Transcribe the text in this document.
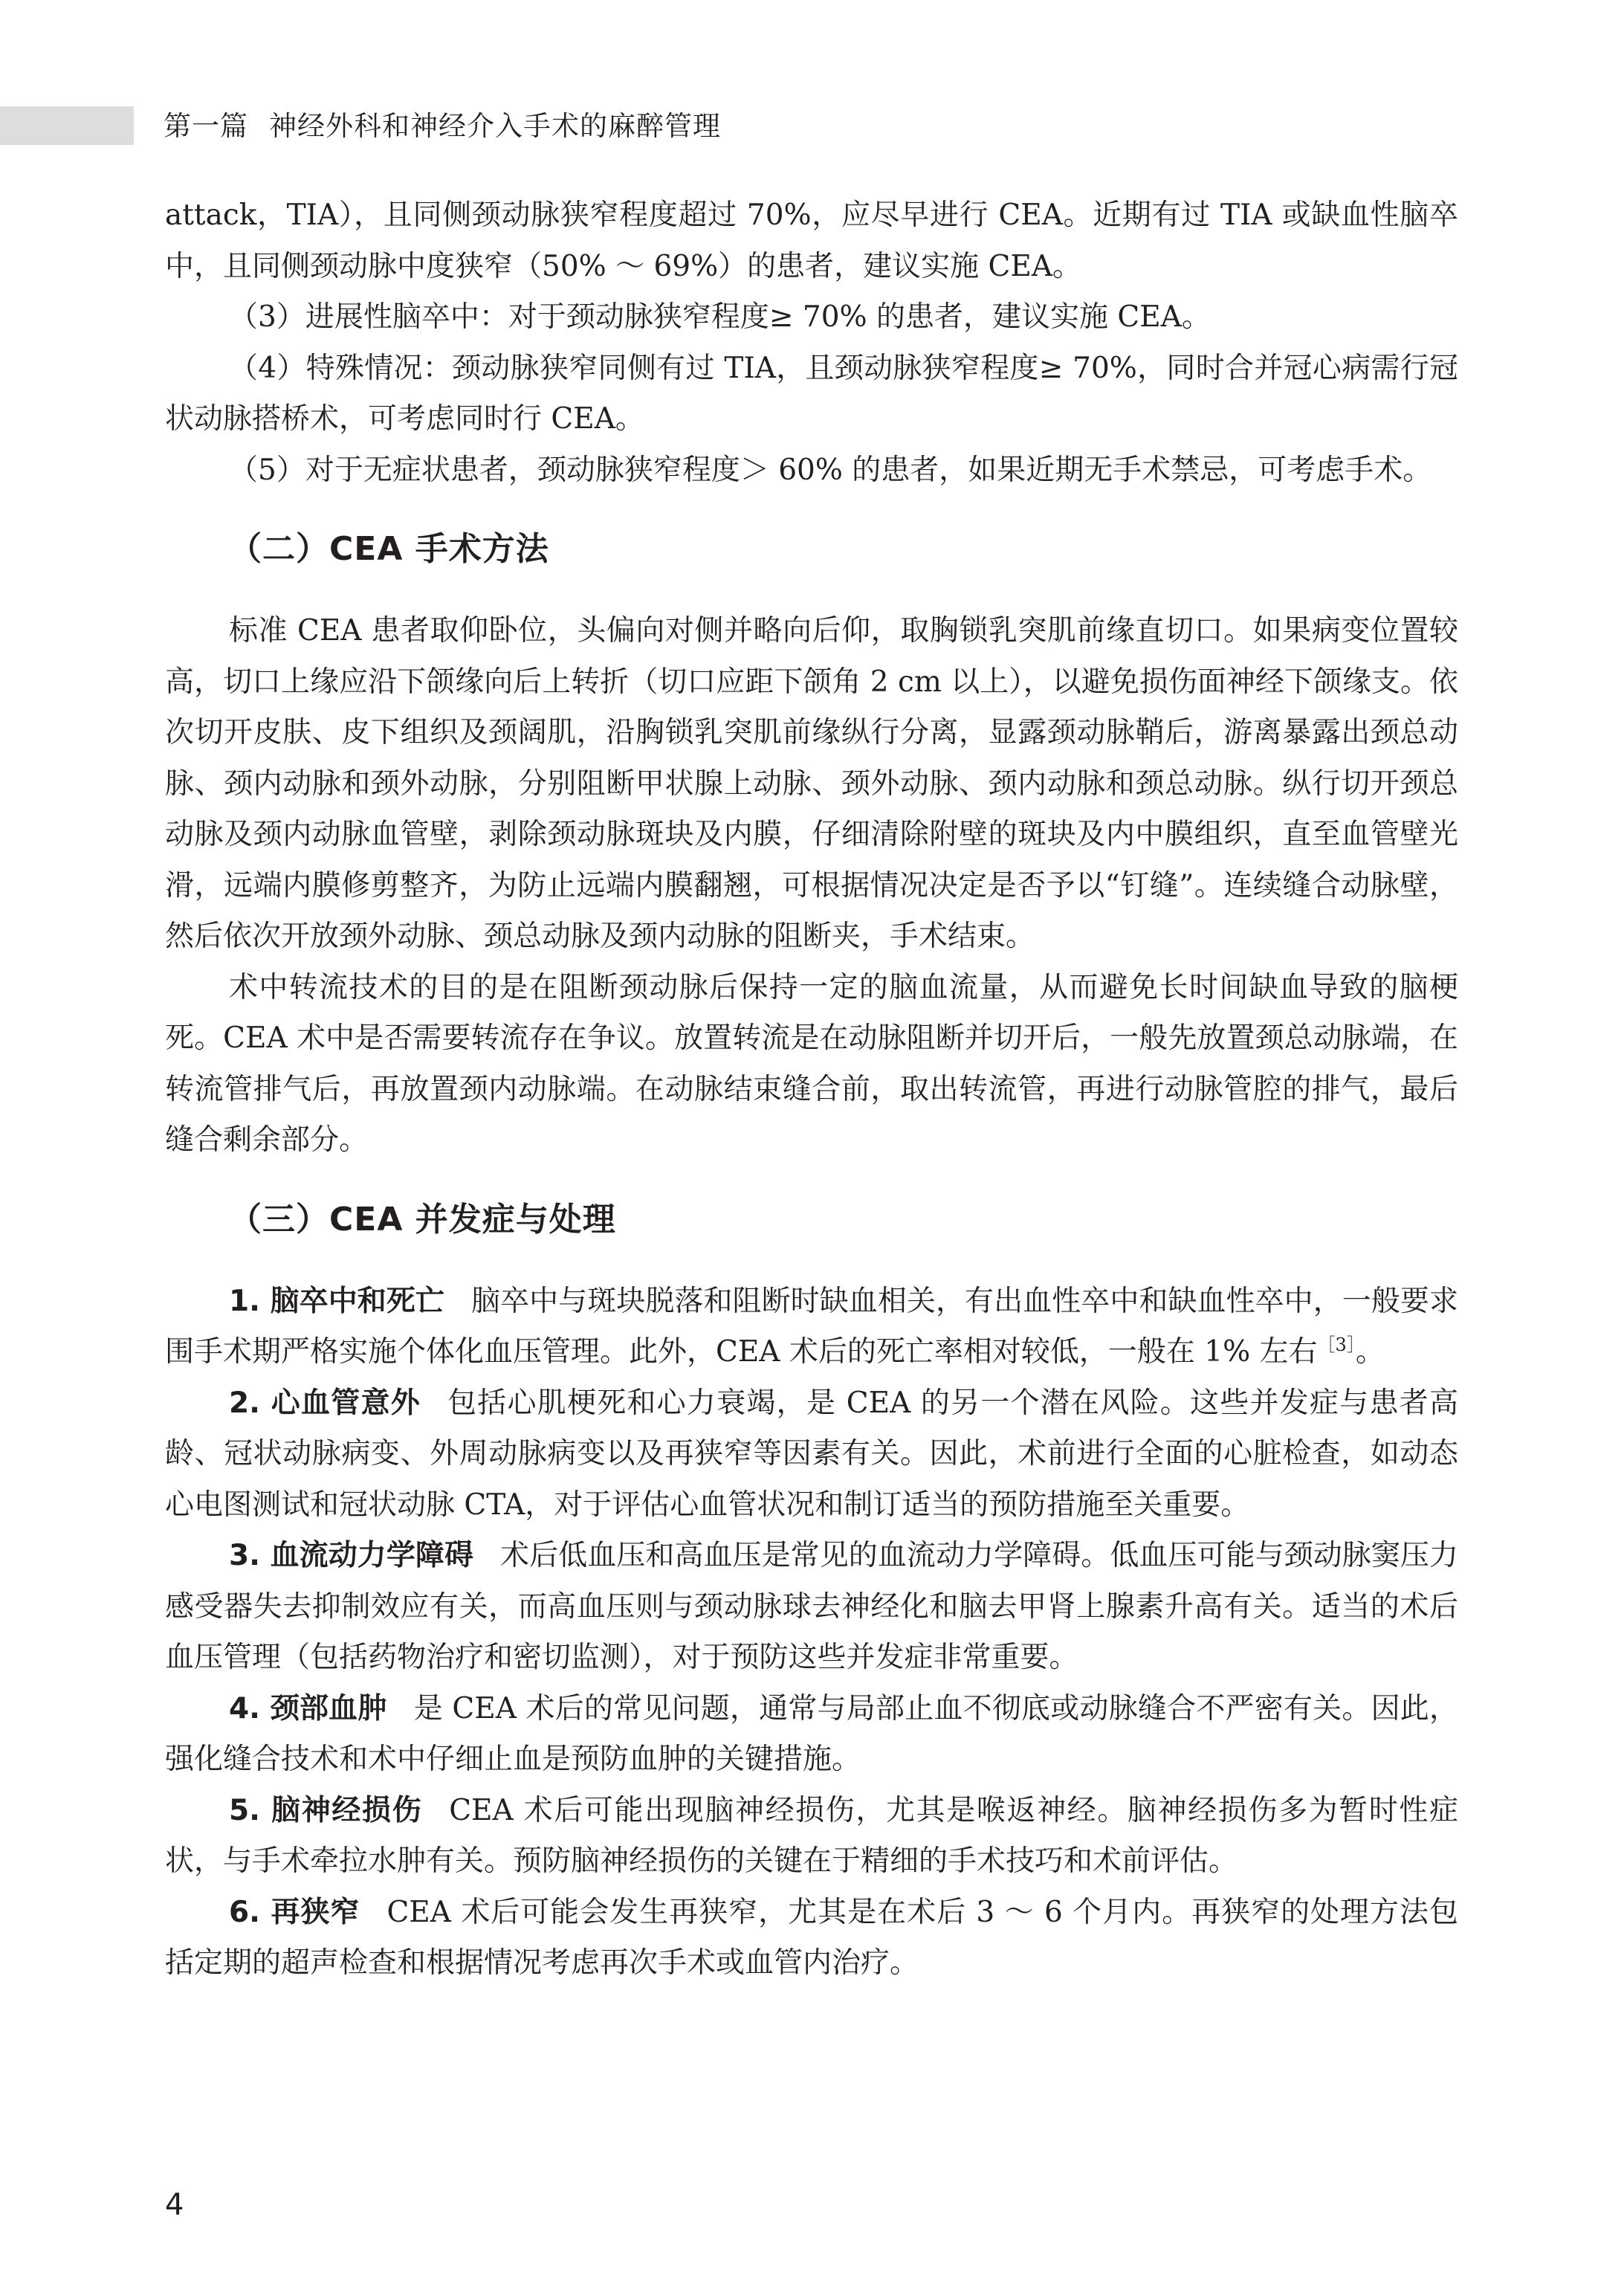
第一篇 神经外科和神经介入手术的麻醉管理

attack，TIA），且同侧颈动脉狭窄程度超过 70%，应尽早进行 CEA。近期有过 TIA 或缺血性脑卒中，且同侧颈动脉中度狭窄（50% ～ 69%）的患者，建议实施 CEA。

（3）进展性脑卒中：对于颈动脉狭窄程度≥ 70% 的患者，建议实施 CEA。

（4）特殊情况：颈动脉狭窄同侧有过 TIA，且颈动脉狭窄程度≥ 70%，同时合并冠心病需行冠状动脉搭桥术，可考虑同时行 CEA。

（5）对于无症状患者，颈动脉狭窄程度＞ 60% 的患者，如果近期无手术禁忌，可考虑手术。

（二）CEA 手术方法

标准 CEA 患者取仰卧位，头偏向对侧并略向后仰，取胸锁乳突肌前缘直切口。如果病变位置较高，切口上缘应沿下颌缘向后上转折（切口应距下颌角 2 cm 以上），以避免损伤面神经下颌缘支。依次切开皮肤、皮下组织及颈阔肌，沿胸锁乳突肌前缘纵行分离，显露颈动脉鞘后，游离暴露出颈总动脉、颈内动脉和颈外动脉，分别阻断甲状腺上动脉、颈外动脉、颈内动脉和颈总动脉。纵行切开颈总动脉及颈内动脉血管壁，剥除颈动脉斑块及内膜，仔细清除附壁的斑块及内中膜组织，直至血管壁光滑，远端内膜修剪整齐，为防止远端内膜翻翘，可根据情况决定是否予以“钉缝”。连续缝合动脉壁，然后依次开放颈外动脉、颈总动脉及颈内动脉的阻断夹，手术结束。

术中转流技术的目的是在阻断颈动脉后保持一定的脑血流量，从而避免长时间缺血导致的脑梗死。CEA 术中是否需要转流存在争议。放置转流是在动脉阻断并切开后，一般先放置颈总动脉端，在转流管排气后，再放置颈内动脉端。在动脉结束缝合前，取出转流管，再进行动脉管腔的排气，最后缝合剩余部分。

（三）CEA 并发症与处理

1. 脑卒中和死亡 脑卒中与斑块脱落和阻断时缺血相关，有出血性卒中和缺血性卒中，一般要求围手术期严格实施个体化血压管理。此外，CEA 术后的死亡率相对较低，一般在 1% 左右$^{[3]}$。

2. 心血管意外 包括心肌梗死和心力衰竭，是 CEA 的另一个潜在风险。这些并发症与患者高龄、冠状动脉病变、外周动脉病变以及再狭窄等因素有关。因此，术前进行全面的心脏检查，如动态心电图测试和冠状动脉 CTA，对于评估心血管状况和制订适当的预防措施至关重要。

3. 血流动力学障碍 术后低血压和高血压是常见的血流动力学障碍。低血压可能与颈动脉窦压力感受器失去抑制效应有关，而高血压则与颈动脉球去神经化和脑去甲肾上腺素升高有关。适当的术后血压管理（包括药物治疗和密切监测），对于预防这些并发症非常重要。

4. 颈部血肿 是 CEA 术后的常见问题，通常与局部止血不彻底或动脉缝合不严密有关。因此，强化缝合技术和术中仔细止血是预防血肿的关键措施。

5. 脑神经损伤 CEA 术后可能出现脑神经损伤，尤其是喉返神经。脑神经损伤多为暂时性症状，与手术牵拉水肿有关。预防脑神经损伤的关键在于精细的手术技巧和术前评估。

6. 再狭窄 CEA 术后可能会发生再狭窄，尤其是在术后 3 ～ 6 个月内。再狭窄的处理方法包括定期的超声检查和根据情况考虑再次手术或血管内治疗。

4
